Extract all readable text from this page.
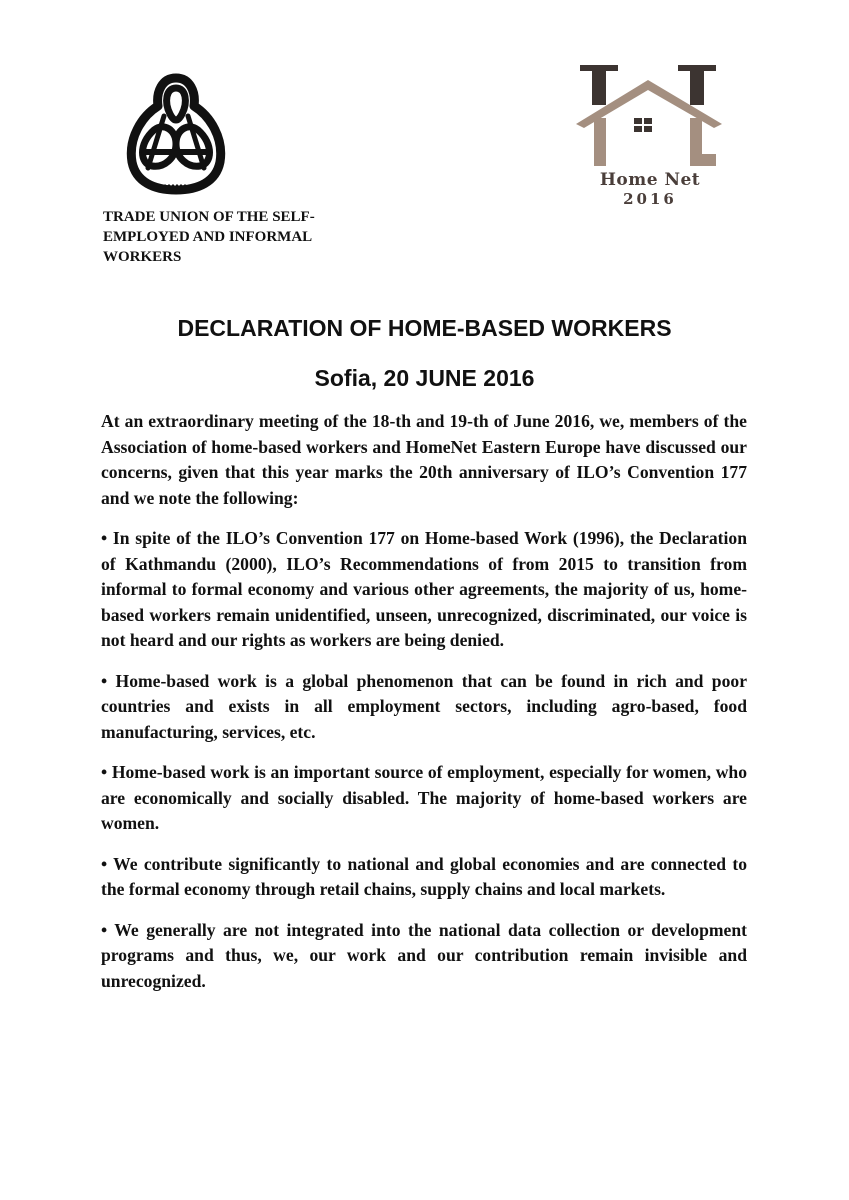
TRADE UNION OF THE SELF-EMPLOYED AND INFORMAL WORKERS

Home Net
2016
DECLARATION OF HOME-BASED WORKERS
Sofia, 20 JUNE 2016

At an extraordinary meeting of the 18-th and 19-th of June 2016, we, members of the Association of home-based workers and HomeNet Eastern Europe have discussed our concerns, given that this year marks the 20th anniversary of ILO’s Convention 177 and we note the following:

• In spite of the ILO’s Convention 177 on Home-based Work (1996), the Declaration of Kathmandu (2000), ILO’s Recommendations of from 2015 to transition from informal to formal economy and various other agreements, the majority of us, home-based workers remain unidentified, unseen, unrecognized, discriminated, our voice is not heard and our rights as workers are being denied.

• Home-based work is a global phenomenon that can be found in rich and poor countries and exists in all employment sectors, including agro-based, food manufacturing, services, etc.

• Home-based work is an important source of employment, especially for women, who are economically and socially disabled. The majority of home-based workers are women.

• We contribute significantly to national and global economies and are connected to the formal economy through retail chains, supply chains and local markets.

• We generally are not integrated into the national data collection or development programs and thus, we, our work and our contribution remain invisible and unrecognized.
